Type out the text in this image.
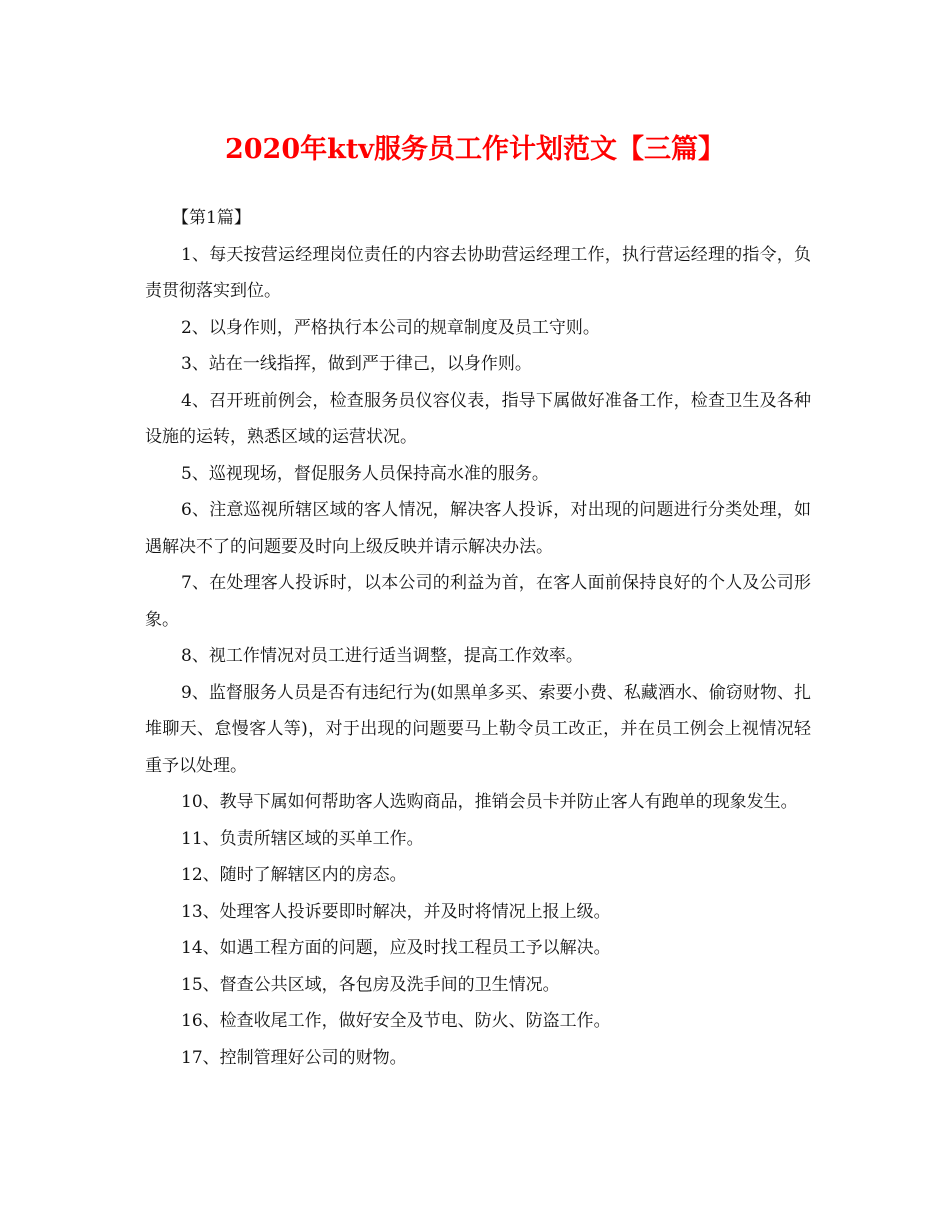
2020年ktv服务员工作计划范文【三篇】

【第1篇】

1、每天按营运经理岗位责任的内容去协助营运经理工作，执行营运经理的指令，负责贯彻落实到位。

2、以身作则，严格执行本公司的规章制度及员工守则。

3、站在一线指挥，做到严于律己，以身作则。

4、召开班前例会，检查服务员仪容仪表，指导下属做好准备工作，检查卫生及各种设施的运转，熟悉区域的运营状况。

5、巡视现场，督促服务人员保持高水准的服务。

6、注意巡视所辖区域的客人情况，解决客人投诉，对出现的问题进行分类处理，如遇解决不了的问题要及时向上级反映并请示解决办法。

7、在处理客人投诉时，以本公司的利益为首，在客人面前保持良好的个人及公司形象。

8、视工作情况对员工进行适当调整，提高工作效率。

9、监督服务人员是否有违纪行为(如黑单多买、索要小费、私藏酒水、偷窃财物、扎堆聊天、怠慢客人等)，对于出现的问题要马上勒令员工改正，并在员工例会上视情况轻重予以处理。

10、教导下属如何帮助客人选购商品，推销会员卡并防止客人有跑单的现象发生。

11、负责所辖区域的买单工作。

12、随时了解辖区内的房态。

13、处理客人投诉要即时解决，并及时将情况上报上级。

14、如遇工程方面的问题，应及时找工程员工予以解决。

15、督查公共区域，各包房及洗手间的卫生情况。

16、检查收尾工作，做好安全及节电、防火、防盗工作。

17、控制管理好公司的财物。
